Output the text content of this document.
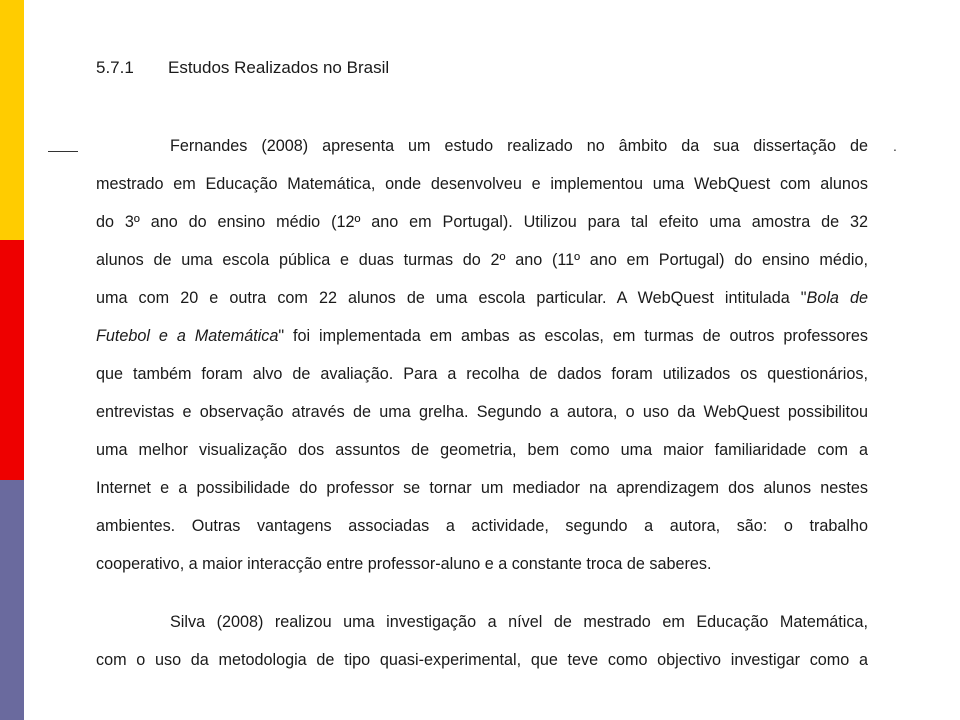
.
5.7.1 Estudos Realizados no Brasil
Fernandes (2008) apresenta um estudo realizado no âmbito da sua dissertação de
mestrado em Educação Matemática, onde desenvolveu e implementou uma WebQuest com alunos
do 3º ano do ensino médio (12º ano em Portugal). Utilizou para tal efeito uma amostra de 32
alunos de uma escola pública e duas turmas do 2º ano (11º ano em Portugal) do ensino médio,
uma com 20 e outra com 22 alunos de uma escola particular. A WebQuest intitulada "Bola de
Futebol e a Matemática" foi implementada em ambas as escolas, em turmas de outros professores
que também foram alvo de avaliação. Para a recolha de dados foram utilizados os questionários,
entrevistas e observação através de uma grelha. Segundo a autora, o uso da WebQuest possibilitou
uma melhor visualização dos assuntos de geometria, bem como uma maior familiaridade com a
Internet e a possibilidade do professor se tornar um mediador na aprendizagem dos alunos nestes
ambientes. Outras vantagens associadas a actividade, segundo a autora, são: o trabalho
cooperativo, a maior interacção entre professor-aluno e a constante troca de saberes.
Silva (2008) realizou uma investigação a nível de mestrado em Educação Matemática,
com o uso da metodologia de tipo quasi-experimental, que teve como objectivo investigar como a
